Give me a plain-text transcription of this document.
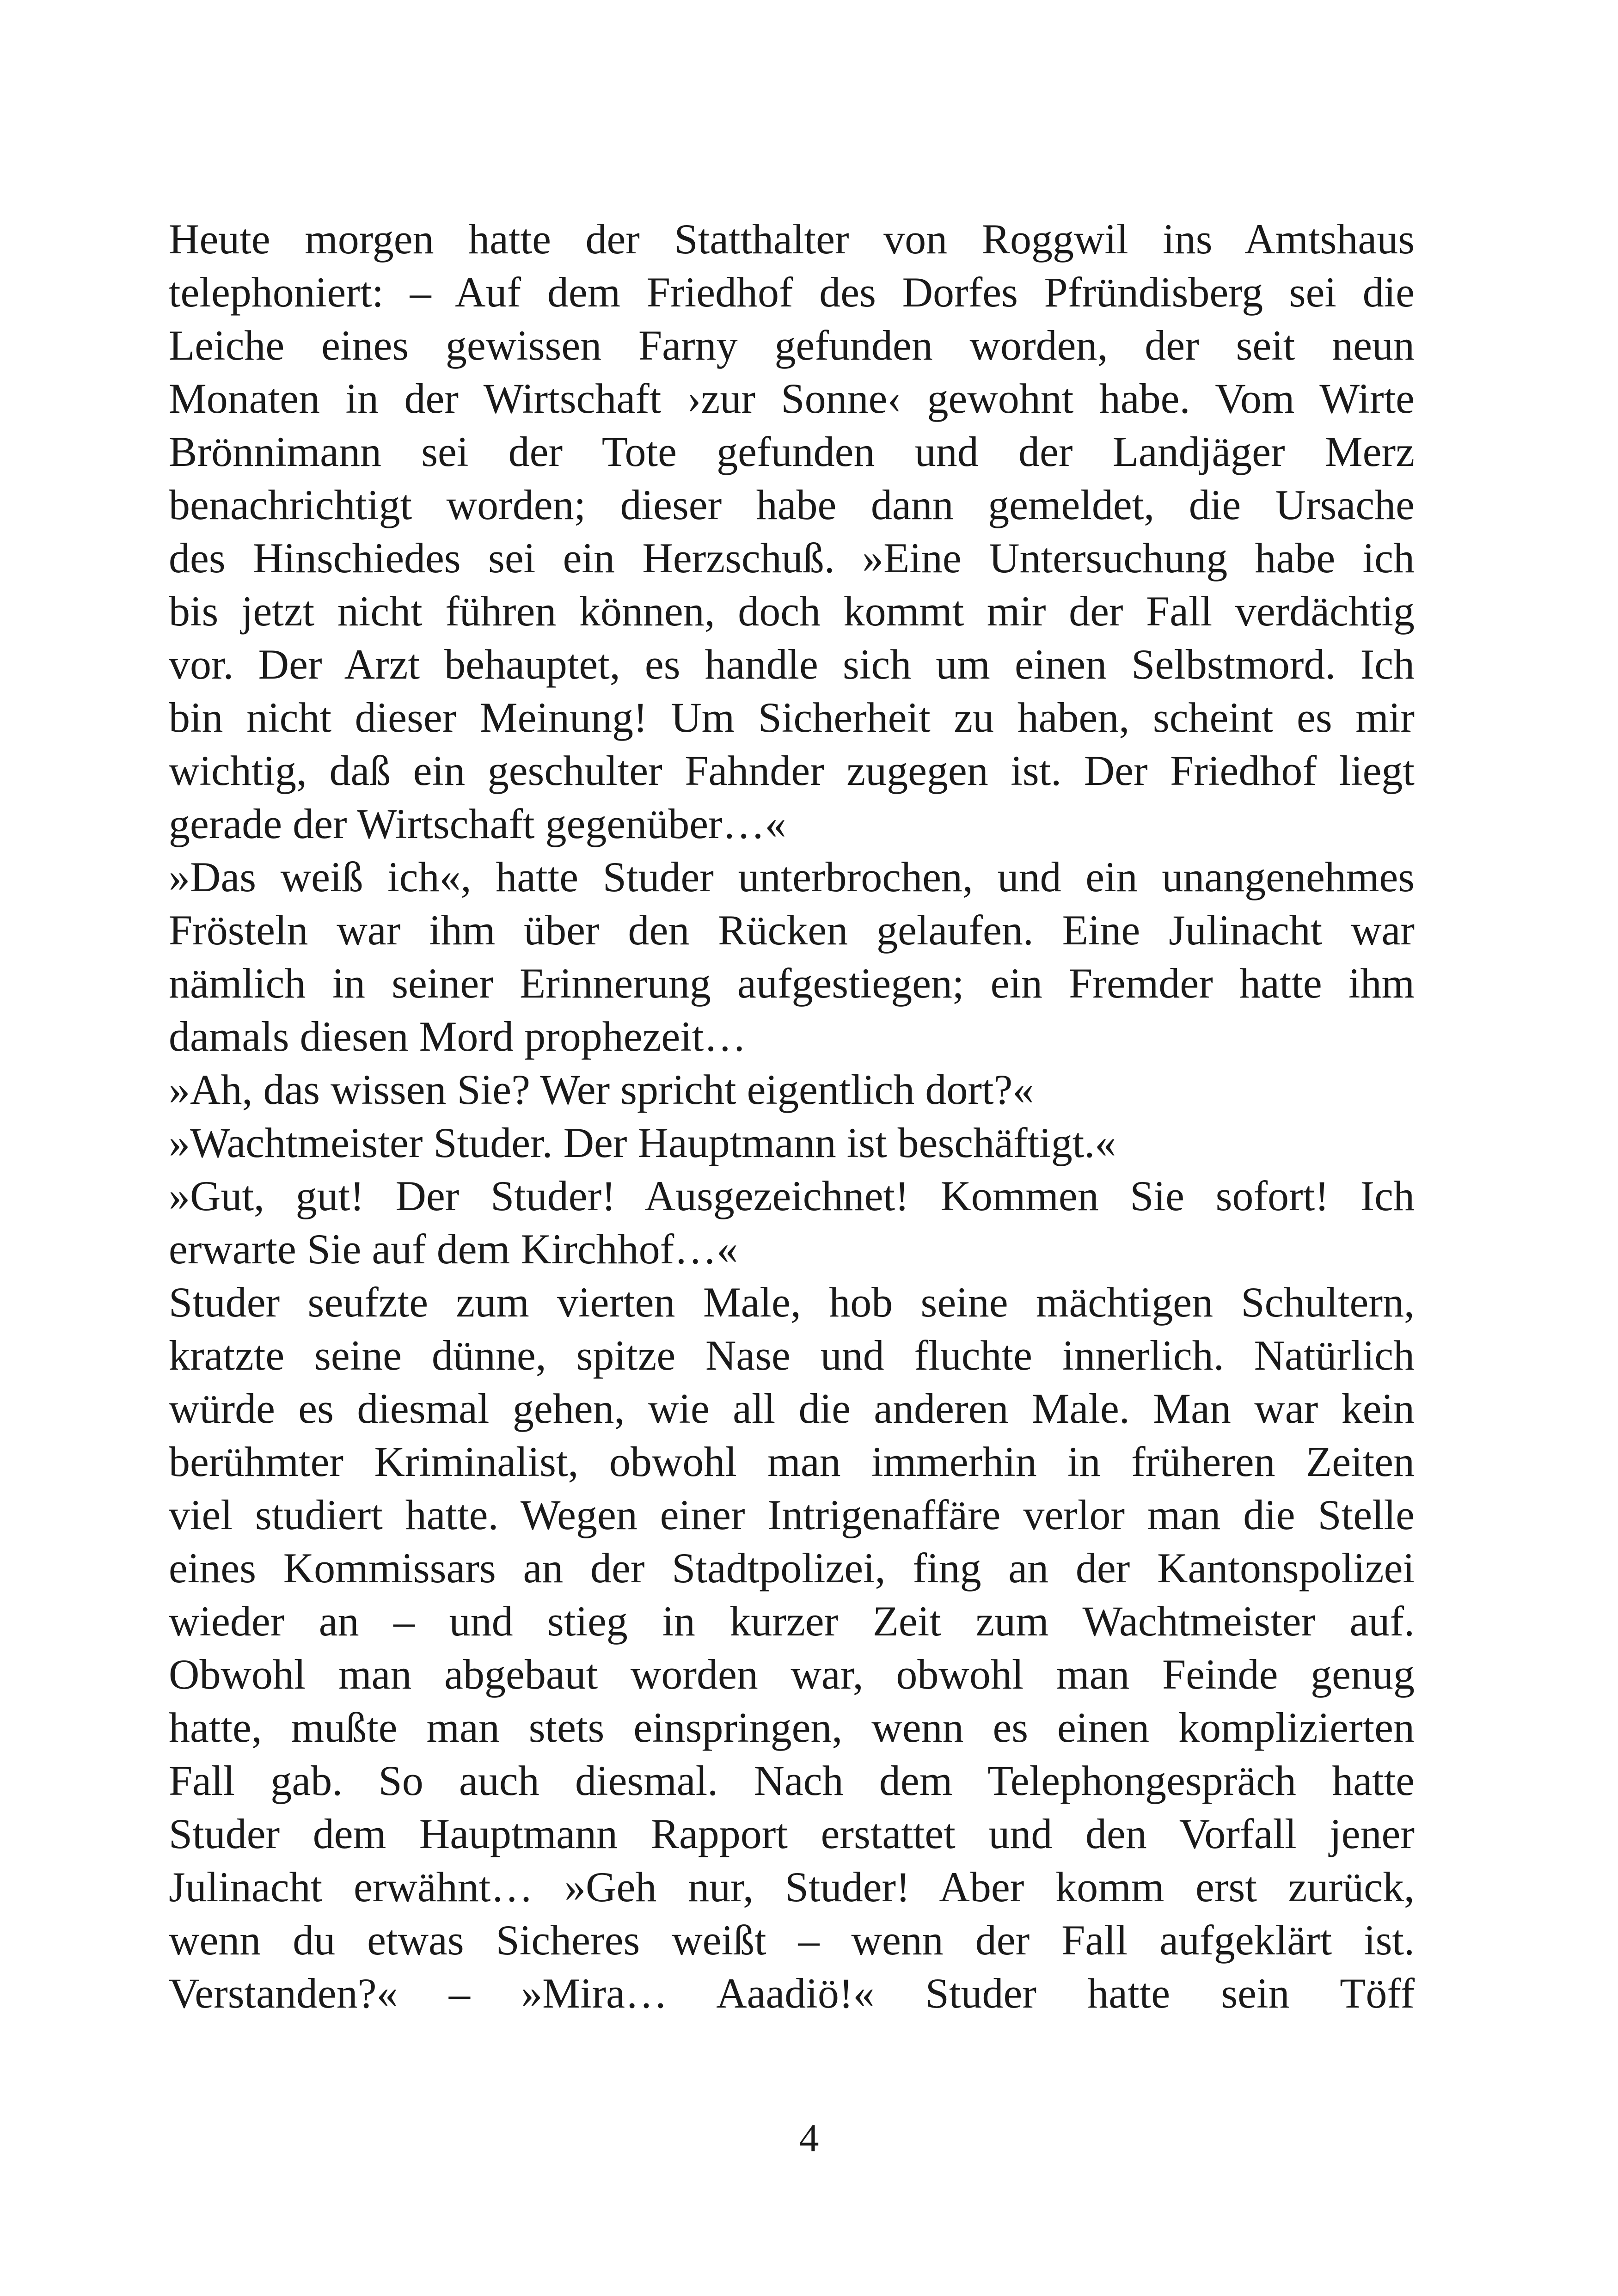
Heute morgen hatte der Statthalter von Roggwil ins Amtshaus
telephoniert: – Auf dem Friedhof des Dorfes Pfründisberg sei die
Leiche eines gewissen Farny gefunden worden, der seit neun
Monaten in der Wirtschaft ›zur Sonne‹ gewohnt habe. Vom Wirte
Brönnimann sei der Tote gefunden und der Landjäger Merz
benachrichtigt worden; dieser habe dann gemeldet, die Ursache
des Hinschiedes sei ein Herzschuß. »Eine Untersuchung habe ich
bis jetzt nicht führen können, doch kommt mir der Fall verdächtig
vor. Der Arzt behauptet, es handle sich um einen Selbstmord. Ich
bin nicht dieser Meinung! Um Sicherheit zu haben, scheint es mir
wichtig, daß ein geschulter Fahnder zugegen ist. Der Friedhof liegt
gerade der Wirtschaft gegenüber…«
»Das weiß ich«, hatte Studer unterbrochen, und ein unangenehmes
Frösteln war ihm über den Rücken gelaufen. Eine Julinacht war
nämlich in seiner Erinnerung aufgestiegen; ein Fremder hatte ihm
damals diesen Mord prophezeit…
»Ah, das wissen Sie? Wer spricht eigentlich dort?«
»Wachtmeister Studer. Der Hauptmann ist beschäftigt.«
»Gut, gut! Der Studer! Ausgezeichnet! Kommen Sie sofort! Ich
erwarte Sie auf dem Kirchhof…«
Studer seufzte zum vierten Male, hob seine mächtigen Schultern,
kratzte seine dünne, spitze Nase und fluchte innerlich. Natürlich
würde es diesmal gehen, wie all die anderen Male. Man war kein
berühmter Kriminalist, obwohl man immerhin in früheren Zeiten
viel studiert hatte. Wegen einer Intrigenaffäre verlor man die Stelle
eines Kommissars an der Stadtpolizei, fing an der Kantonspolizei
wieder an – und stieg in kurzer Zeit zum Wachtmeister auf.
Obwohl man abgebaut worden war, obwohl man Feinde genug
hatte, mußte man stets einspringen, wenn es einen komplizierten
Fall gab. So auch diesmal. Nach dem Telephongespräch hatte
Studer dem Hauptmann Rapport erstattet und den Vorfall jener
Julinacht erwähnt… »Geh nur, Studer! Aber komm erst zurück,
wenn du etwas Sicheres weißt – wenn der Fall aufgeklärt ist.
Verstanden?« – »Mira… Aaadiö!« Studer hatte sein Töff
4
